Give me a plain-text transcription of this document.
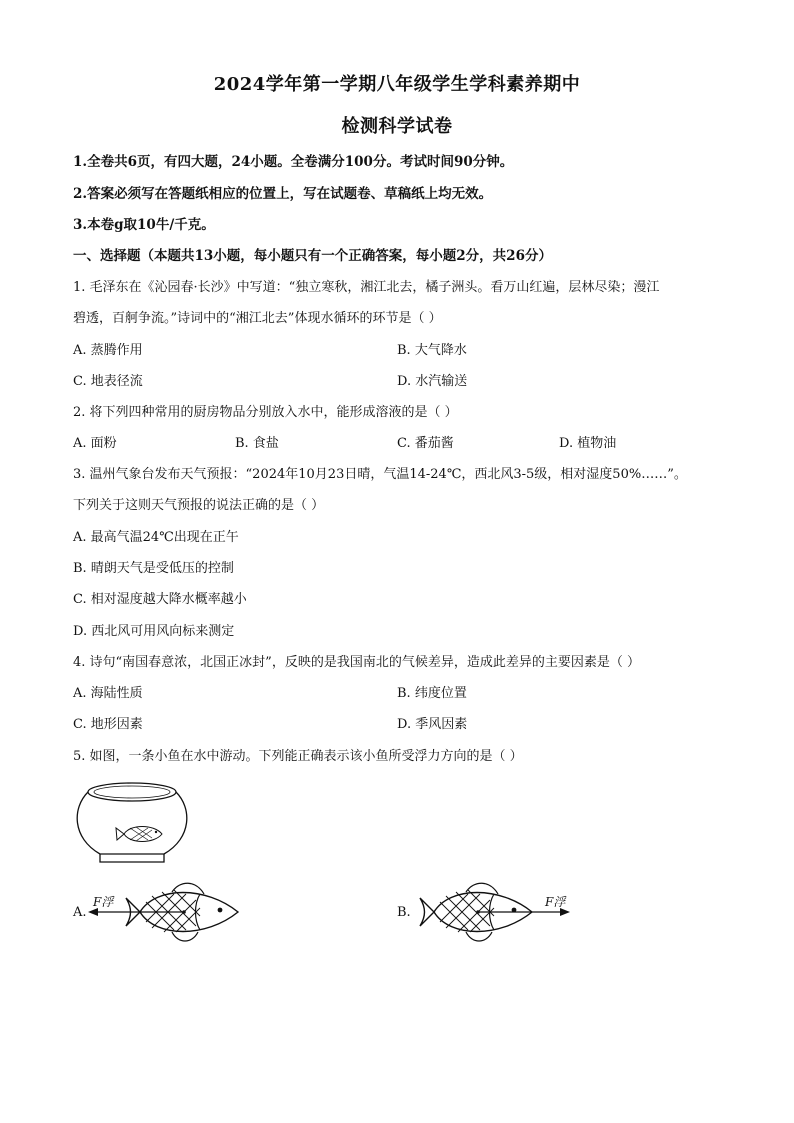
2024学年第一学期八年级学生学科素养期中
检测科学试卷
1.全卷共6页，有四大题，24小题。全卷满分100分。考试时间90分钟。
2.答案必须写在答题纸相应的位置上，写在试题卷、草稿纸上均无效。
3.本卷g取10牛/千克。
一、选择题（本题共13小题，每小题只有一个正确答案，每小题2分，共26分）
1. 毛泽东在《沁园春·长沙》中写道：“独立寒秋，湘江北去，橘子洲头。看万山红遍，层林尽染；漫江
碧透，百舸争流。”诗词中的“湘江北去”体现水循环的环节是（ ）
A. 蒸腾作用	B. 大气降水
C. 地表径流	D. 水汽输送
2. 将下列四种常用的厨房物品分别放入水中，能形成溶液的是（ ）
A. 面粉	B. 食盐	C. 番茄酱	D. 植物油
3. 温州气象台发布天气预报：“2024年10月23日晴，气温14-24℃，西北风3-5级，相对湿度50%……”。
下列关于这则天气预报的说法正确的是（ ）
A. 最高气温24℃出现在正午
B. 晴朗天气是受低压的控制
C. 相对湿度越大降水概率越小
D. 西北风可用风向标来测定
4. 诗句“南国春意浓，北国正冰封”，反映的是我国南北的气候差异，造成此差异的主要因素是（ ）
A. 海陆性质	B. 纬度位置
C. 地形因素	D. 季风因素
5. 如图，一条小鱼在水中游动。下列能正确表示该小鱼所受浮力方向的是（ ）
A.
F浮
B.
F浮
